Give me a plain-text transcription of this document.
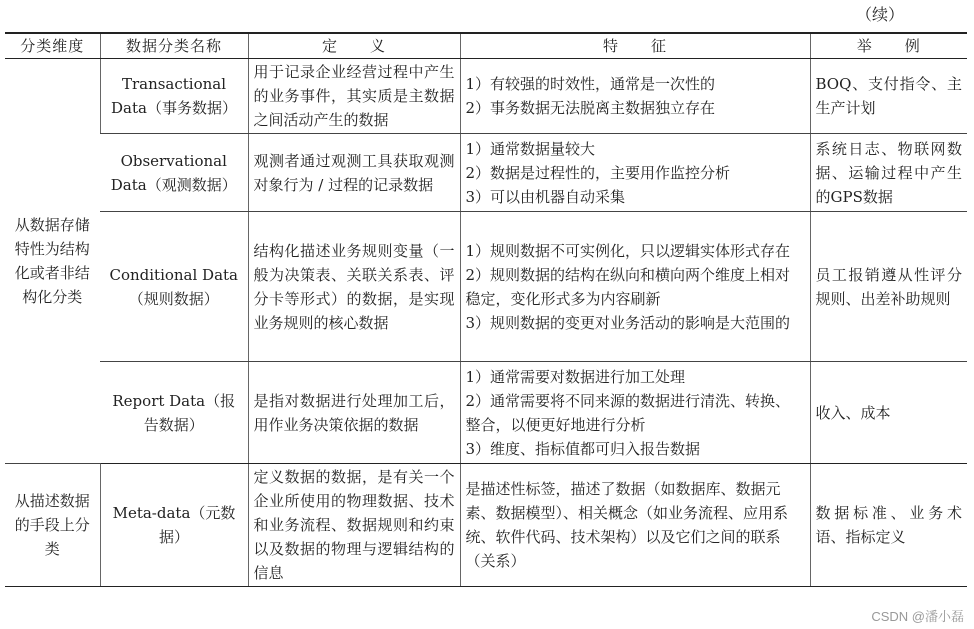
（续）
分类维度	数据分类名称	定　　义	特　　征	举　　例
从数据存储特性为结构化或者非结构化分类	Transactional Data（事务数据）	用于记录企业经营过程中产生的业务事件，其实质是主数据之间活动产生的数据	1）有较强的时效性，通常是一次性的
2）事务数据无法脱离主数据独立存在	BOQ、支付指令、主生产计划
	Observational Data（观测数据）	观测者通过观测工具获取观测对象行为 / 过程的记录数据	1）通常数据量较大
2）数据是过程性的，主要用作监控分析
3）可以由机器自动采集	系统日志、物联网数据、运输过程中产生的GPS数据
	Conditional Data（规则数据）	结构化描述业务规则变量（一般为决策表、关联关系表、评分卡等形式）的数据，是实现业务规则的核心数据	1）规则数据不可实例化，只以逻辑实体形式存在
2）规则数据的结构在纵向和横向两个维度上相对稳定，变化形式多为内容刷新
3）规则数据的变更对业务活动的影响是大范围的	员工报销遵从性评分规则、出差补助规则
	Report Data（报告数据）	是指对数据进行处理加工后，用作业务决策依据的数据	1）通常需要对数据进行加工处理
2）通常需要将不同来源的数据进行清洗、转换、整合，以便更好地进行分析
3）维度、指标值都可归入报告数据	收入、成本
从描述数据的手段上分类	Meta-data（元数据）	定义数据的数据，是有关一个企业所使用的物理数据、技术和业务流程、数据规则和约束以及数据的物理与逻辑结构的信息	是描述性标签，描述了数据（如数据库、数据元素、数据模型）、相关概念（如业务流程、应用系统、软件代码、技术架构）以及它们之间的联系（关系）	数据标准、业务术语、指标定义
CSDN @潘小磊
